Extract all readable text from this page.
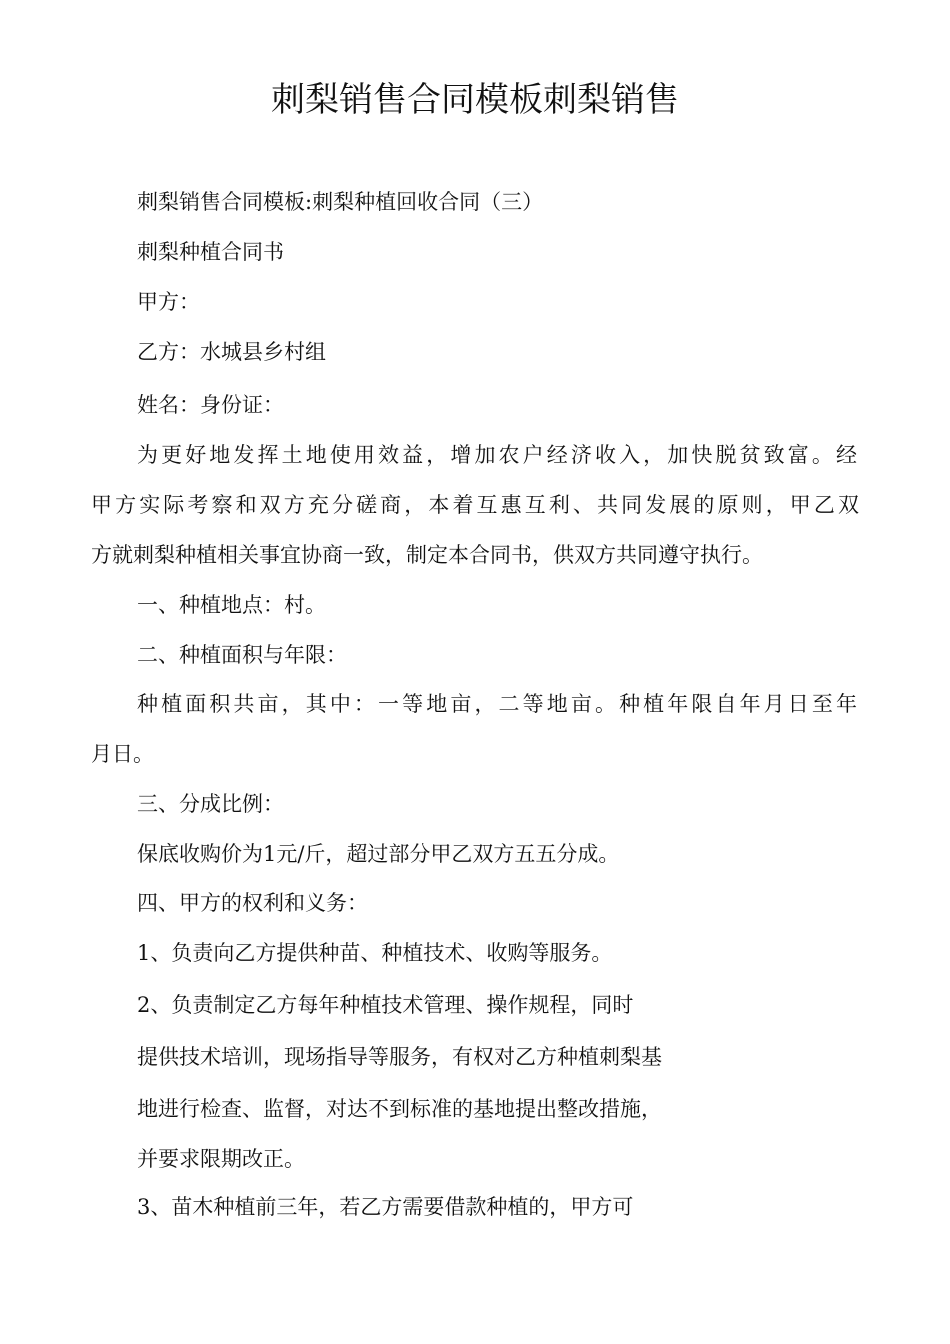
刺梨销售合同模板刺梨销售
刺梨销售合同模板:刺梨种植回收合同（三）
刺梨种植合同书
甲方：
乙方：水城县乡村组
姓名：身份证：
为更好地发挥土地使用效益，增加农户经济收入，加快脱贫致富。经
甲方实际考察和双方充分磋商，本着互惠互利、共同发展的原则，甲乙双
方就刺梨种植相关事宜协商一致，制定本合同书，供双方共同遵守执行。
一、种植地点：村。
二、种植面积与年限：
种植面积共亩，其中：一等地亩，二等地亩。种植年限自年月日至年
月日。
三、分成比例：
保底收购价为1元/斤，超过部分甲乙双方五五分成。
四、甲方的权利和义务：
1、负责向乙方提供种苗、种植技术、收购等服务。
2、负责制定乙方每年种植技术管理、操作规程，同时
提供技术培训，现场指导等服务，有权对乙方种植刺梨基
地进行检查、监督，对达不到标准的基地提出整改措施，
并要求限期改正。
3、苗木种植前三年，若乙方需要借款种植的，甲方可
